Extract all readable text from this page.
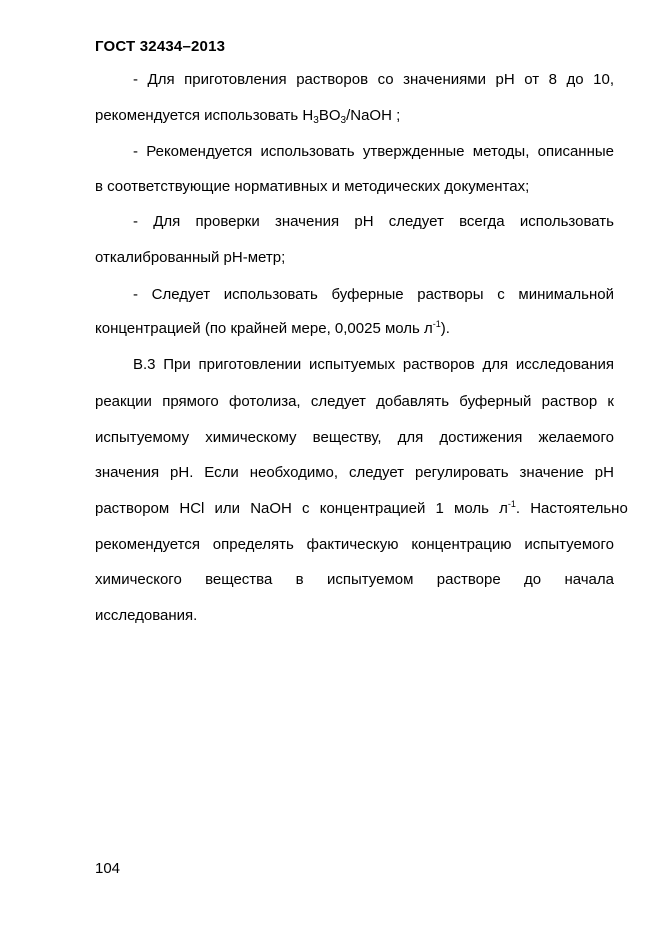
ГОСТ 32434–2013
- Для приготовления растворов со значениями рН от 8 до 10,
рекомендуется использовать $H_3BO_3$/NaOH ;
- Рекомендуется использовать утвержденные методы, описанные
в соответствующие нормативных и методических документах;
- Для проверки значения рН следует всегда использовать
откалиброванный рН-метр;
- Следует использовать буферные растворы с минимальной
концентрацией (по крайней мере, 0,0025 моль $л^{-1}$).
В.3 При приготовлении испытуемых растворов для исследования
реакции прямого фотолиза, следует добавлять буферный раствор к
испытуемому химическому веществу, для достижения желаемого
значения рН. Если необходимо, следует регулировать значение рН
раствором HCl или NaOH с концентрацией 1 моль $л^{-1}$. Настоятельно
рекомендуется определять фактическую концентрацию испытуемого
химического вещества в испытуемом растворе до начала
исследования.
104
